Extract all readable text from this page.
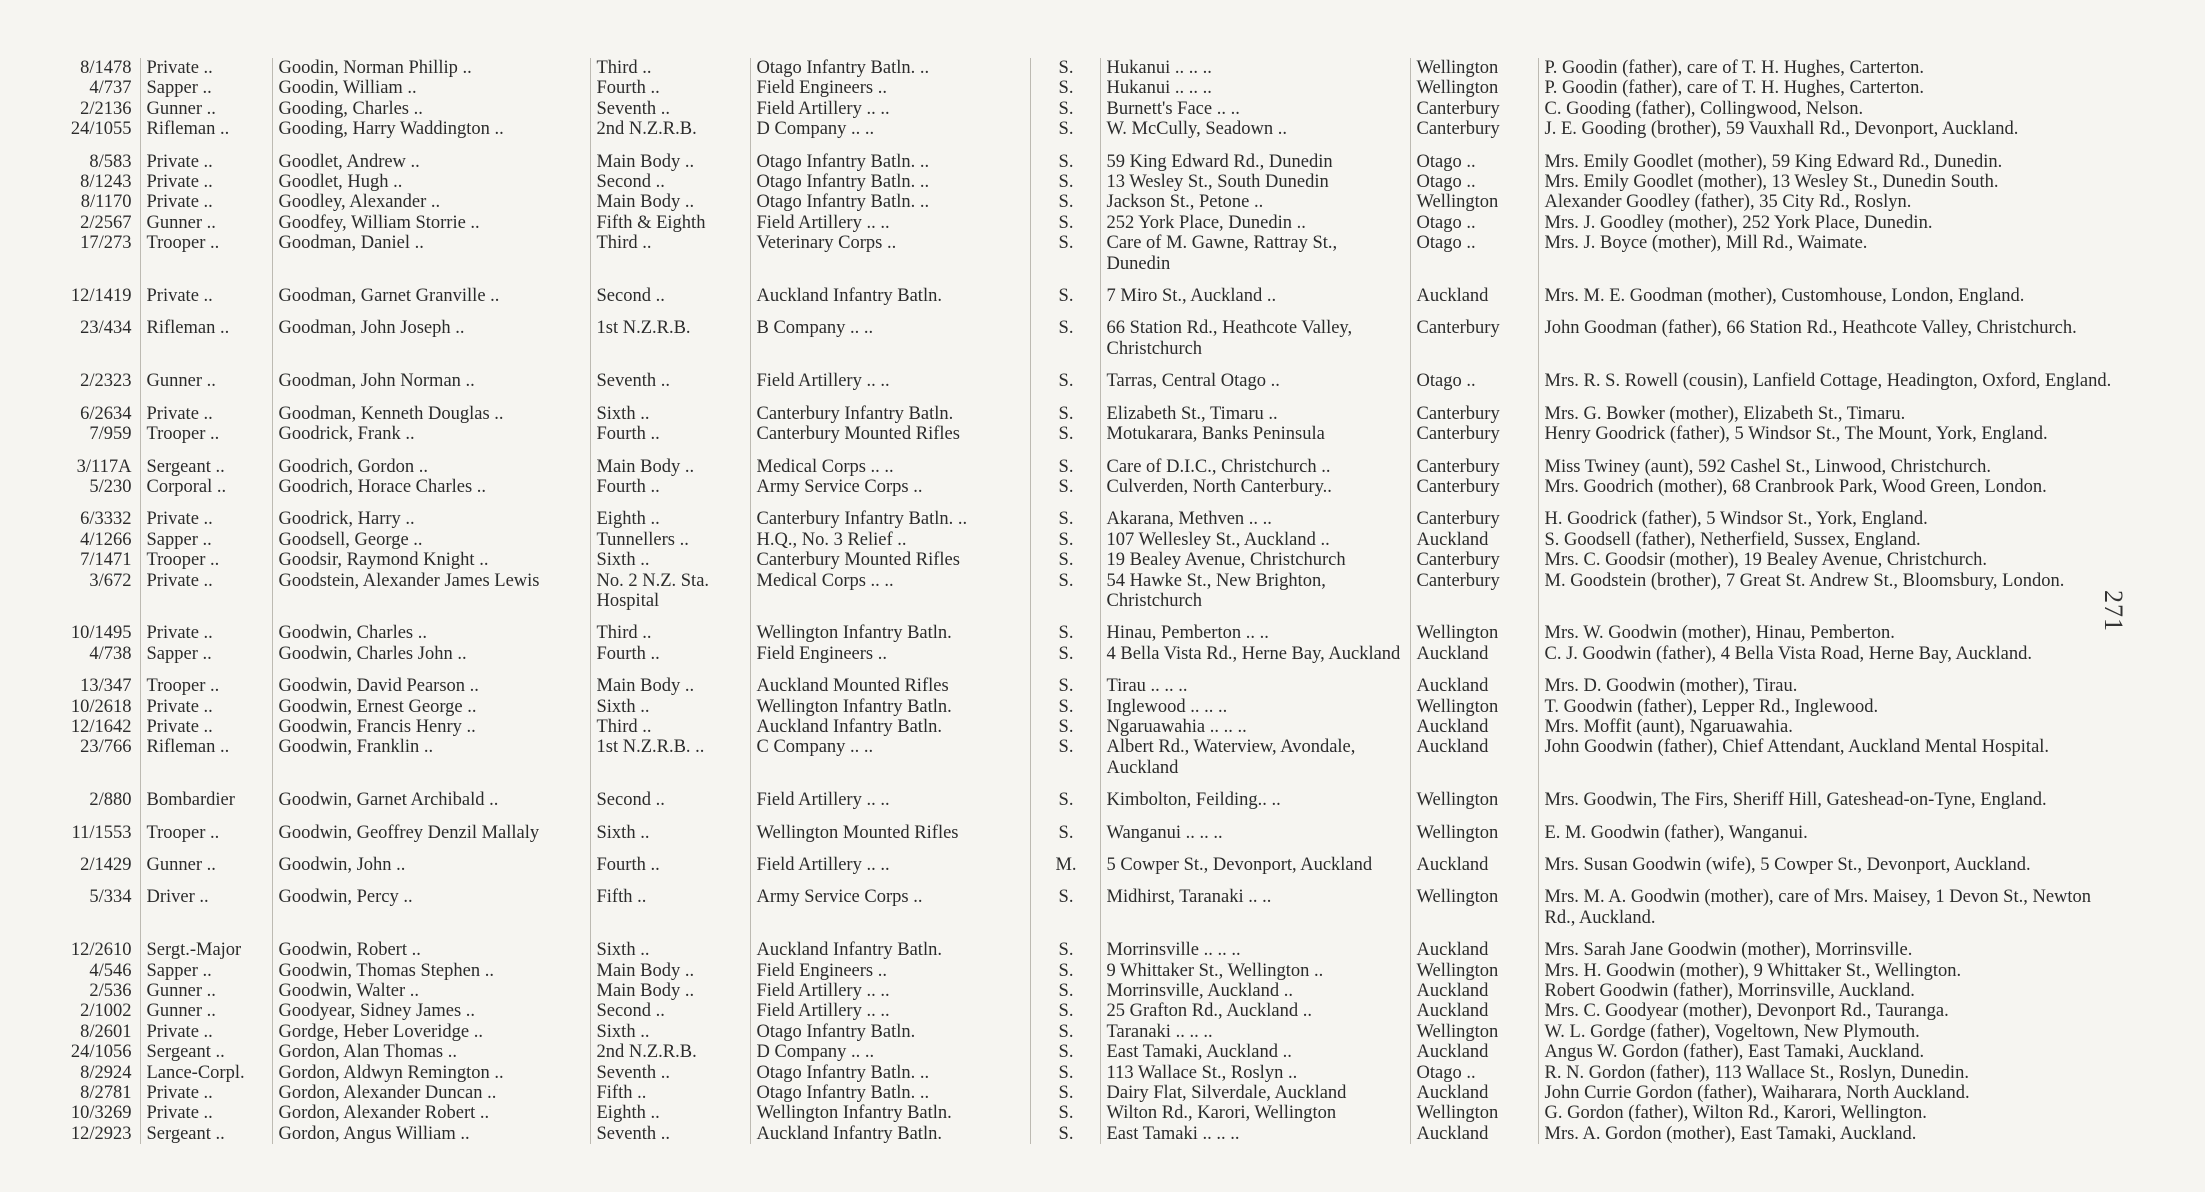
8/1478	Private ..	Goodin, Norman Phillip ..	Third ..	Otago Infantry Batln. ..	S.	Hukanui .. .. ..	Wellington	P. Goodin (father), care of T. H. Hughes, Carterton.
4/737	Sapper ..	Goodin, William ..	Fourth ..	Field Engineers ..	S.	Hukanui .. .. ..	Wellington	P. Goodin (father), care of T. H. Hughes, Carterton.
2/2136	Gunner ..	Gooding, Charles ..	Seventh ..	Field Artillery .. ..	S.	Burnett's Face .. ..	Canterbury	C. Gooding (father), Collingwood, Nelson.
24/1055	Rifleman ..	Gooding, Harry Waddington ..	2nd N.Z.R.B.	D Company .. ..	S.	W. McCully, Seadown ..	Canterbury	J. E. Gooding (brother), 59 Vauxhall Rd., Devonport, Auckland.
8/583	Private ..	Goodlet, Andrew ..	Main Body ..	Otago Infantry Batln. ..	S.	59 King Edward Rd., Dunedin	Otago ..	Mrs. Emily Goodlet (mother), 59 King Edward Rd., Dunedin.
8/1243	Private ..	Goodlet, Hugh ..	Second ..	Otago Infantry Batln. ..	S.	13 Wesley St., South Dunedin	Otago ..	Mrs. Emily Goodlet (mother), 13 Wesley St., Dunedin South.
8/1170	Private ..	Goodley, Alexander ..	Main Body ..	Otago Infantry Batln. ..	S.	Jackson St., Petone ..	Wellington	Alexander Goodley (father), 35 City Rd., Roslyn.
2/2567	Gunner ..	Goodfey, William Storrie ..	Fifth & Eighth	Field Artillery .. ..	S.	252 York Place, Dunedin ..	Otago ..	Mrs. J. Goodley (mother), 252 York Place, Dunedin.
17/273	Trooper ..	Goodman, Daniel ..	Third ..	Veterinary Corps ..	S.	Care of M. Gawne, Rattray St., Dunedin	Otago ..	Mrs. J. Boyce (mother), Mill Rd., Waimate.
12/1419	Private ..	Goodman, Garnet Granville ..	Second ..	Auckland Infantry Batln.	S.	7 Miro St., Auckland ..	Auckland	Mrs. M. E. Goodman (mother), Customhouse, London, England.
23/434	Rifleman ..	Goodman, John Joseph ..	1st N.Z.R.B.	B Company .. ..	S.	66 Station Rd., Heathcote Valley, Christchurch	Canterbury	John Goodman (father), 66 Station Rd., Heathcote Valley, Christchurch.
2/2323	Gunner ..	Goodman, John Norman ..	Seventh ..	Field Artillery .. ..	S.	Tarras, Central Otago ..	Otago ..	Mrs. R. S. Rowell (cousin), Lanfield Cottage, Headington, Oxford, England.
6/2634	Private ..	Goodman, Kenneth Douglas ..	Sixth ..	Canterbury Infantry Batln.	S.	Elizabeth St., Timaru ..	Canterbury	Mrs. G. Bowker (mother), Elizabeth St., Timaru.
7/959	Trooper ..	Goodrick, Frank ..	Fourth ..	Canterbury Mounted Rifles	S.	Motukarara, Banks Peninsula	Canterbury	Henry Goodrick (father), 5 Windsor St., The Mount, York, England.
3/117A	Sergeant ..	Goodrich, Gordon ..	Main Body ..	Medical Corps .. ..	S.	Care of D.I.C., Christchurch ..	Canterbury	Miss Twiney (aunt), 592 Cashel St., Linwood, Christchurch.
5/230	Corporal ..	Goodrich, Horace Charles ..	Fourth ..	Army Service Corps ..	S.	Culverden, North Canterbury..	Canterbury	Mrs. Goodrich (mother), 68 Cranbrook Park, Wood Green, London.
6/3332	Private ..	Goodrick, Harry ..	Eighth ..	Canterbury Infantry Batln. ..	S.	Akarana, Methven .. ..	Canterbury	H. Goodrick (father), 5 Windsor St., York, England.
4/1266	Sapper ..	Goodsell, George ..	Tunnellers ..	H.Q., No. 3 Relief ..	S.	107 Wellesley St., Auckland ..	Auckland	S. Goodsell (father), Netherfield, Sussex, England.
7/1471	Trooper ..	Goodsir, Raymond Knight ..	Sixth ..	Canterbury Mounted Rifles	S.	19 Bealey Avenue, Christchurch	Canterbury	Mrs. C. Goodsir (mother), 19 Bealey Avenue, Christchurch.
3/672	Private ..	Goodstein, Alexander James Lewis	No. 2 N.Z. Sta. Hospital	Medical Corps .. ..	S.	54 Hawke St., New Brighton, Christchurch	Canterbury	M. Goodstein (brother), 7 Great St. Andrew St., Bloomsbury, London.
10/1495	Private ..	Goodwin, Charles ..	Third ..	Wellington Infantry Batln.	S.	Hinau, Pemberton .. ..	Wellington	Mrs. W. Goodwin (mother), Hinau, Pemberton.
4/738	Sapper ..	Goodwin, Charles John ..	Fourth ..	Field Engineers ..	S.	4 Bella Vista Rd., Herne Bay, Auckland	Auckland	C. J. Goodwin (father), 4 Bella Vista Road, Herne Bay, Auckland.
13/347	Trooper ..	Goodwin, David Pearson ..	Main Body ..	Auckland Mounted Rifles	S.	Tirau .. .. ..	Auckland	Mrs. D. Goodwin (mother), Tirau.
10/2618	Private ..	Goodwin, Ernest George ..	Sixth ..	Wellington Infantry Batln.	S.	Inglewood .. .. ..	Wellington	T. Goodwin (father), Lepper Rd., Inglewood.
12/1642	Private ..	Goodwin, Francis Henry ..	Third ..	Auckland Infantry Batln.	S.	Ngaruawahia .. .. ..	Auckland	Mrs. Moffit (aunt), Ngaruawahia.
23/766	Rifleman ..	Goodwin, Franklin ..	1st N.Z.R.B. ..	C Company .. ..	S.	Albert Rd., Waterview, Avondale, Auckland	Auckland	John Goodwin (father), Chief Attendant, Auckland Mental Hospital.
2/880	Bombardier	Goodwin, Garnet Archibald ..	Second ..	Field Artillery .. ..	S.	Kimbolton, Feilding.. ..	Wellington	Mrs. Goodwin, The Firs, Sheriff Hill, Gateshead-on-Tyne, England.
11/1553	Trooper ..	Goodwin, Geoffrey Denzil Mallaly	Sixth ..	Wellington Mounted Rifles	S.	Wanganui .. .. ..	Wellington	E. M. Goodwin (father), Wanganui.
2/1429	Gunner ..	Goodwin, John ..	Fourth ..	Field Artillery .. ..	M.	5 Cowper St., Devonport, Auckland	Auckland	Mrs. Susan Goodwin (wife), 5 Cowper St., Devonport, Auckland.
5/334	Driver ..	Goodwin, Percy ..	Fifth ..	Army Service Corps ..	S.	Midhirst, Taranaki .. ..	Wellington	Mrs. M. A. Goodwin (mother), care of Mrs. Maisey, 1 Devon St., Newton Rd., Auckland.
12/2610	Sergt.-Major	Goodwin, Robert ..	Sixth ..	Auckland Infantry Batln.	S.	Morrinsville .. .. ..	Auckland	Mrs. Sarah Jane Goodwin (mother), Morrinsville.
4/546	Sapper ..	Goodwin, Thomas Stephen ..	Main Body ..	Field Engineers ..	S.	9 Whittaker St., Wellington ..	Wellington	Mrs. H. Goodwin (mother), 9 Whittaker St., Wellington.
2/536	Gunner ..	Goodwin, Walter ..	Main Body ..	Field Artillery .. ..	S.	Morrinsville, Auckland ..	Auckland	Robert Goodwin (father), Morrinsville, Auckland.
2/1002	Gunner ..	Goodyear, Sidney James ..	Second ..	Field Artillery .. ..	S.	25 Grafton Rd., Auckland ..	Auckland	Mrs. C. Goodyear (mother), Devonport Rd., Tauranga.
8/2601	Private ..	Gordge, Heber Loveridge ..	Sixth ..	Otago Infantry Batln.	S.	Taranaki .. .. ..	Wellington	W. L. Gordge (father), Vogeltown, New Plymouth.
24/1056	Sergeant ..	Gordon, Alan Thomas ..	2nd N.Z.R.B.	D Company .. ..	S.	East Tamaki, Auckland ..	Auckland	Angus W. Gordon (father), East Tamaki, Auckland.
8/2924	Lance-Corpl.	Gordon, Aldwyn Remington ..	Seventh ..	Otago Infantry Batln. ..	S.	113 Wallace St., Roslyn ..	Otago ..	R. N. Gordon (father), 113 Wallace St., Roslyn, Dunedin.
8/2781	Private ..	Gordon, Alexander Duncan ..	Fifth ..	Otago Infantry Batln. ..	S.	Dairy Flat, Silverdale, Auckland	Auckland	John Currie Gordon (father), Waiharara, North Auckland.
10/3269	Private ..	Gordon, Alexander Robert ..	Eighth ..	Wellington Infantry Batln.	S.	Wilton Rd., Karori, Wellington	Wellington	G. Gordon (father), Wilton Rd., Karori, Wellington.
12/2923	Sergeant ..	Gordon, Angus William ..	Seventh ..	Auckland Infantry Batln.	S.	East Tamaki .. .. ..	Auckland	Mrs. A. Gordon (mother), East Tamaki, Auckland.
271
